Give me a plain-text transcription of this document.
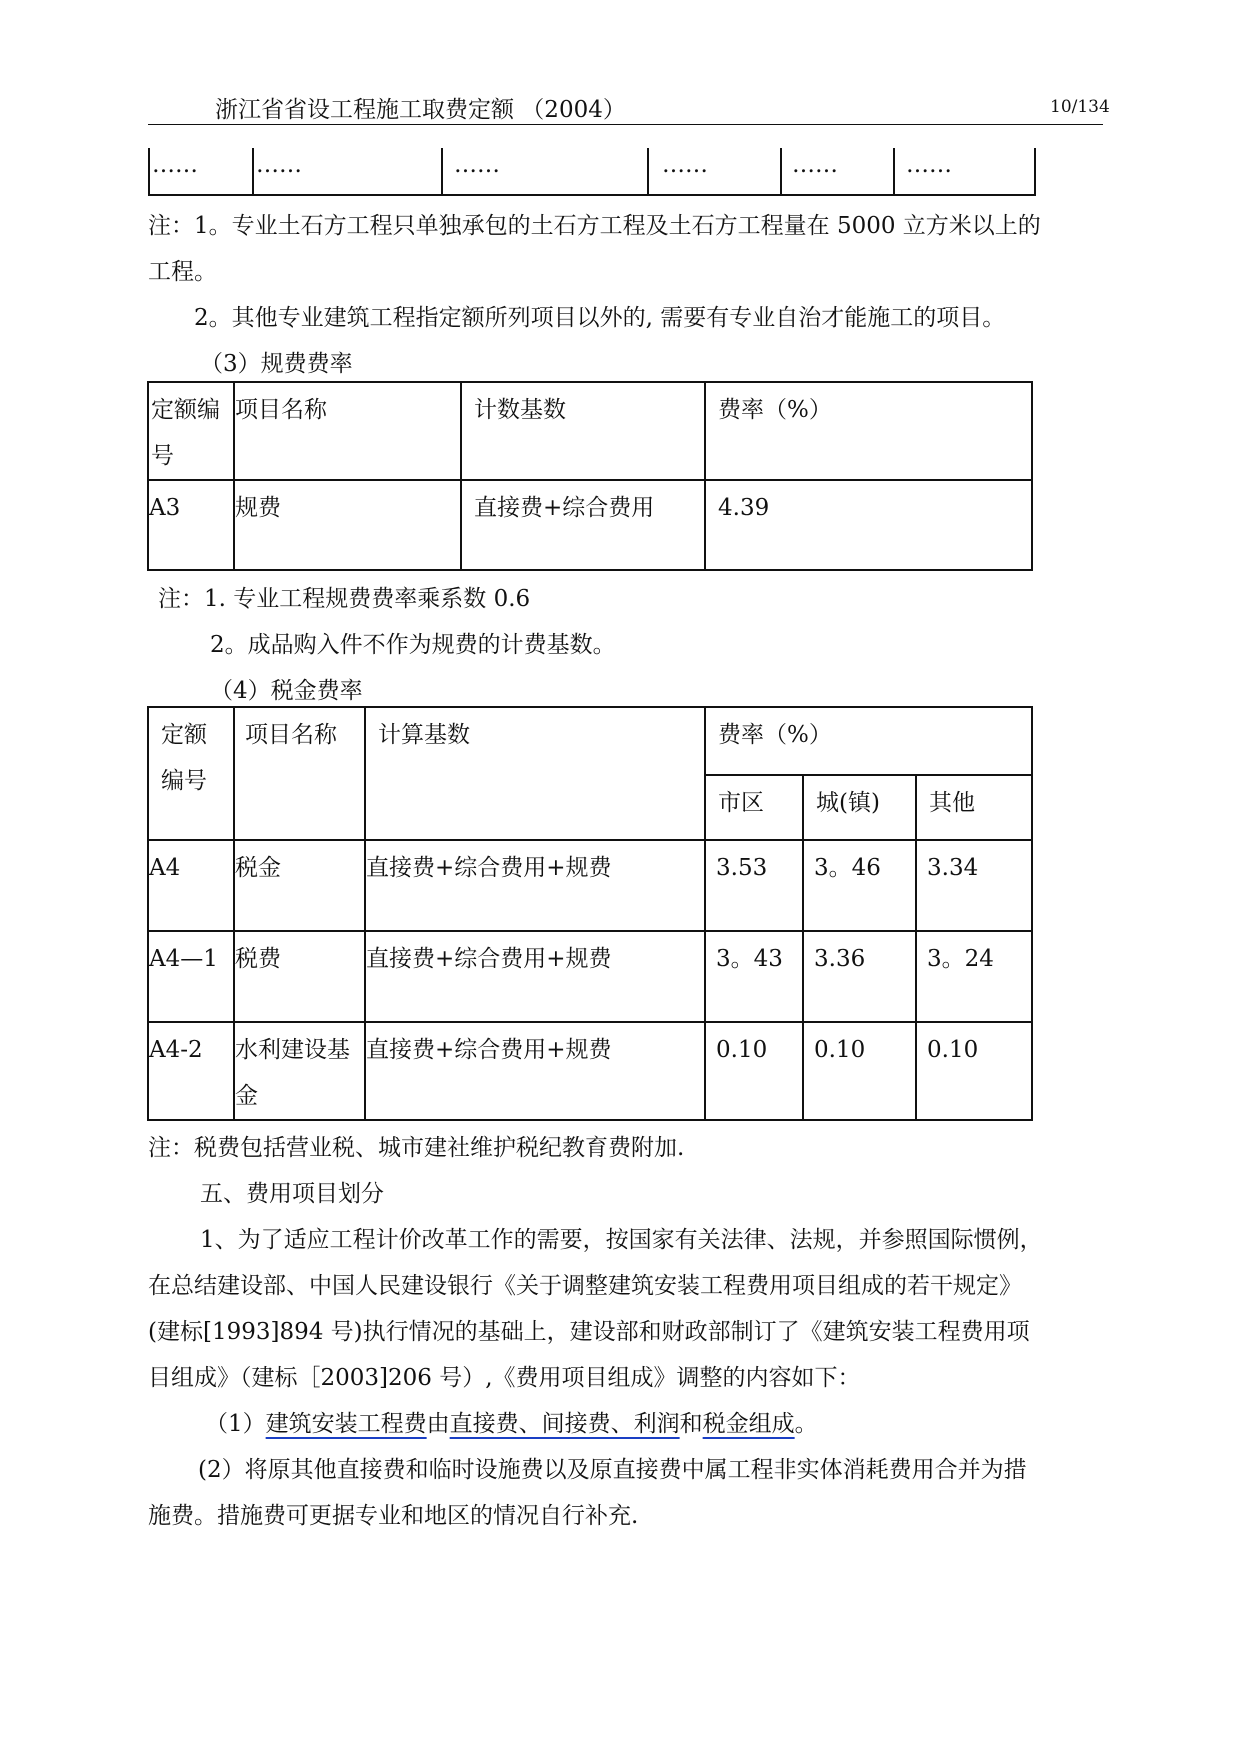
浙江省省设工程施工取费定额 （2004）	10/134
……	……	……	……	……	……
注：1。专业土石方工程只单独承包的土石方工程及土石方工程量在 5000 立方米以上的
工程。
2。其他专业建筑工程指定额所列项目以外的, 需要有专业自治才能施工的项目。
（3）规费费率
定额编号	项目名称	计数基数	费率（%）

A3	规费	直接费+综合费用	4.39
注：1. 专业工程规费费率乘系数 0.6
2。成品购入件不作为规费的计费基数。
（4）税金费率
定额编号	项目名称	计算基数	费率（%）		

			市区	城(镇)	其他

A4	税金	直接费+综合费用+规费	3.53	3。46	3.34

A4—1	税费	直接费+综合费用+规费	3。43	3.36	3。24

A4-2	水利建设基金	直接费+综合费用+规费	0.10	0.10	0.10
注：税费包括营业税、城市建社维护税纪教育费附加.
五、费用项目划分
1、为了适应工程计价改革工作的需要，按国家有关法律、法规，并参照国际惯例，
在总结建设部、中国人民建设银行《关于调整建筑安装工程费用项目组成的若干规定》
(建标[1993]894 号)执行情况的基础上，建设部和财政部制订了《建筑安装工程费用项
目组成》（建标［2003]206 号）,《费用项目组成》调整的内容如下：
（1）建筑安装工程费由直接费、间接费、利润和税金组成。
(2）将原其他直接费和临时设施费以及原直接费中属工程非实体消耗费用合并为措
施费。措施费可更据专业和地区的情况自行补充.
